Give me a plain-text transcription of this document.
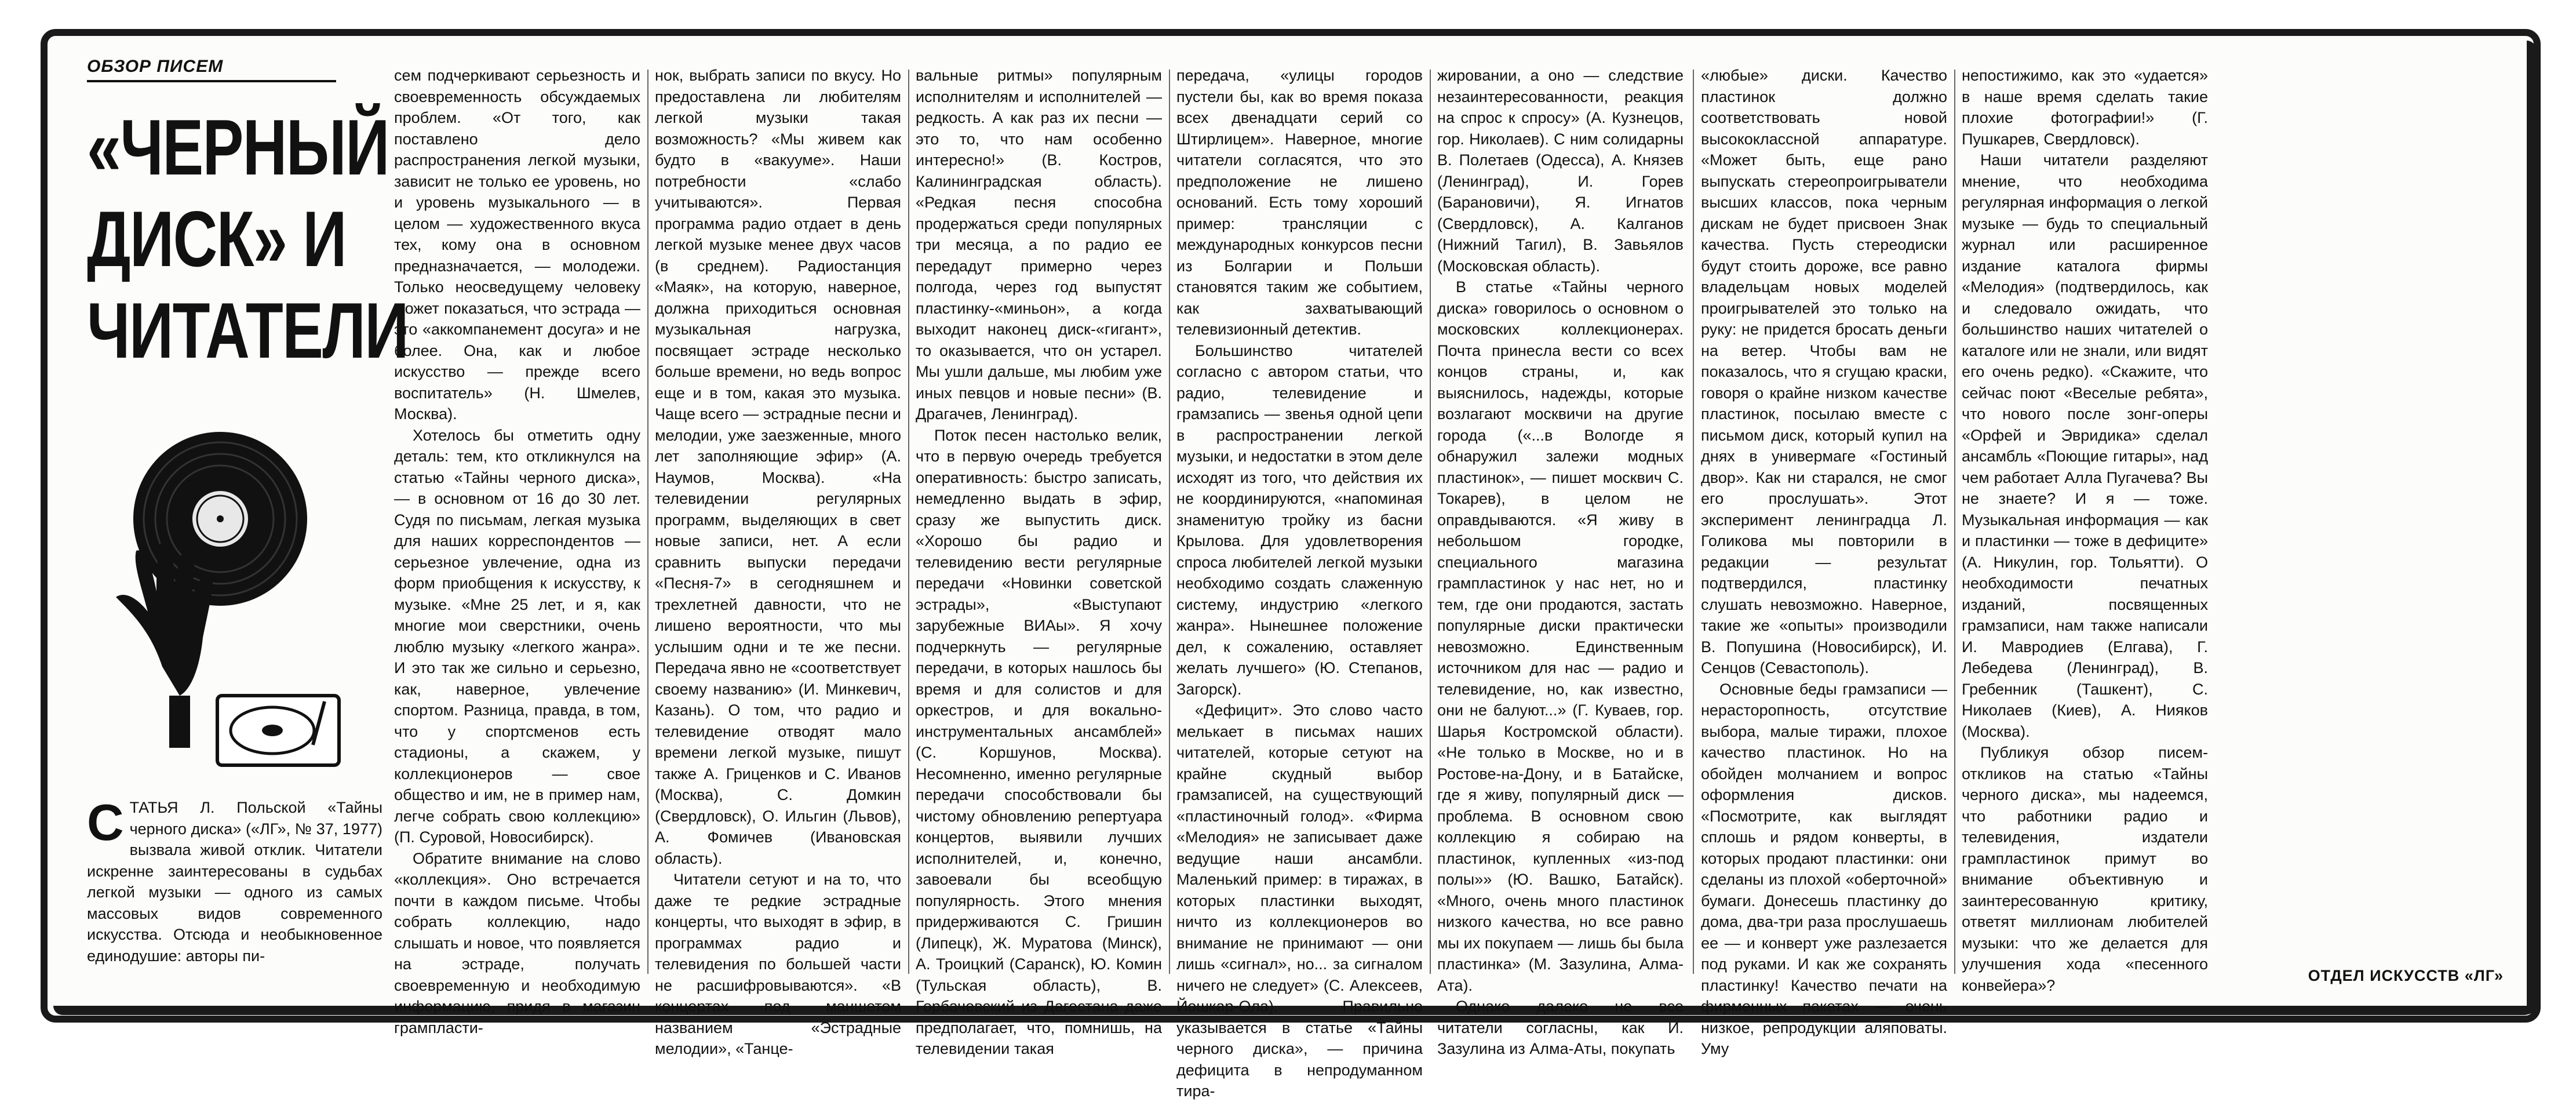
ОБЗОР ПИСЕМ
«ЧЕРНЫЙ
ДИСК» И
ЧИТАТЕЛИ
С ТАТЬЯ Л. Польской «Тайны черного диска» («ЛГ», № 37, 1977) вызвала живой отклик. Читатели искренне заинтересованы в судьбах легкой музыки — одного из самых массовых видов современного искусства. Отсюда и необыкновенное единодушие: авторы пи-

сем подчеркивают серьезность и своевременность обсуждаемых проблем. «От того, как поставлено дело распространения легкой музыки, зависит не только ее уровень, но и уровень музыкального — в целом — художественного вкуса тех, кому она в основном предназначается, — молодежи. Только неосведущему человеку может показаться, что эстрада — это «аккомпанемент досуга» и не более. Она, как и любое искусство — прежде всего воспитатель» (Н. Шмелев, Москва).

Хотелось бы отметить одну деталь: тем, кто откликнулся на статью «Тайны черного диска», — в основном от 16 до 30 лет. Судя по письмам, легкая музыка для наших корреспондентов — серьезное увлечение, одна из форм приобщения к искусству, к музыке. «Мне 25 лет, и я, как многие мои сверстники, очень люблю музыку «легкого жанра». И это так же сильно и серьезно, как, наверное, увлечение спортом. Разница, правда, в том, что у спортсменов есть стадионы, а скажем, у коллекционеров — свое общество и им, не в пример нам, легче собрать свою коллекцию» (П. Суровой, Новосибирск).

Обратите внимание на слово «коллекция». Оно встречается почти в каждом письме. Чтобы собрать коллекцию, надо слышать и новое, что появляется на эстраде, получать своевременную и необходимую информацию, придя в магазин грампласти-

нок, выбрать записи по вкусу. Но предоставлена ли любителям легкой музыки такая возможность? «Мы живем как будто в «вакууме». Наши потребности «слабо учитываются». Первая программа радио отдает в день легкой музыке менее двух часов (в среднем). Радиостанция «Маяк», на которую, наверное, должна приходиться основная музыкальная нагрузка, посвящает эстраде несколько больше времени, но ведь вопрос еще и в том, какая это музыка. Чаще всего — эстрадные песни и мелодии, уже заезженные, много лет заполняющие эфир» (А. Наумов, Москва). «На телевидении регулярных программ, выделяющих в свет новые записи, нет. А если сравнить выпуски передачи «Песня-7» в сегодняшнем и трехлетней давности, что не лишено вероятности, что мы услышим одни и те же песни. Передача явно не «соответствует своему названию» (И. Минкевич, Казань). О том, что радио и телевидение отводят мало времени легкой музыке, пишут также А. Гриценков и С. Иванов (Москва), С. Домкин (Свердловск), О. Ильгин (Львов), А. Фомичев (Ивановская область).

Читатели сетуют и на то, что даже те редкие эстрадные концерты, что выходят в эфир, в программах радио и телевидения по большей части не расшифровываются». «В концертах под маншетом названием «Эстрадные мелодии», «Танце-

вальные ритмы» популярным исполнителям и исполнителей — редкость. А как раз их песни — это то, что нам особенно интересно!» (В. Костров, Калининградская область). «Редкая песня способна продержаться среди популярных три месяца, а по радио ее передадут примерно через полгода, через год выпустят пластинку-«миньон», а когда выходит наконец диск-«гигант», то оказывается, что он устарел. Мы ушли дальше, мы любим уже иных певцов и новые песни» (В. Драгачев, Ленинград).

Поток песен настолько велик, что в первую очередь требуется оперативность: быстро записать, немедленно выдать в эфир, сразу же выпустить диск. «Хорошо бы радио и телевидению вести регулярные передачи «Новинки советской эстрады», «Выступают зарубежные ВИАы». Я хочу подчеркнуть — регулярные передачи, в которых нашлось бы время и для солистов и для оркестров, и для вокально-инструментальных ансамблей» (С. Коршунов, Москва). Несомненно, именно регулярные передачи способствовали бы чистому обновлению репертуара концертов, выявили лучших исполнителей, и, конечно, завоевали бы всеобщую популярность. Этого мнения придерживаются С. Гришин (Липецк), Ж. Муратова (Минск), А. Троицкий (Саранск), Ю. Комин (Тульская область), В. Горбачевский из Дагестана даже предполагает, что, помнишь, на телевидении такая

передача, «улицы городов пустели бы, как во время показа всех двенадцати серий со Штирлицем». Наверное, многие читатели согласятся, что это предположение не лишено оснований. Есть тому хороший пример: трансляции с международных конкурсов песни из Болгарии и Польши становятся таким же событием, как захватывающий телевизионный детектив.

Большинство читателей согласно с автором статьи, что радио, телевидение и грамзапись — звенья одной цепи в распространении легкой музыки, и недостатки в этом деле исходят из того, что действия их не координируются, «напоминая знаменитую тройку из басни Крылова. Для удовлетворения спроса любителей легкой музыки необходимо создать слаженную систему, индустрию «легкого жанра». Нынешнее положение дел, к сожалению, оставляет желать лучшего» (Ю. Степанов, Загорск).

«Дефицит». Это слово часто мелькает в письмах наших читателей, которые сетуют на крайне скудный выбор грамзаписей, на существующий «пластиночный голод». «Фирма «Мелодия» не записывает даже ведущие наши ансамбли. Маленький пример: в тиражах, в которых пластинки выходят, ничто из коллекционеров во внимание не принимают — они лишь «сигнал», но... за сигналом ничего не следует» (С. Алексеев, Йошкар-Ола). Правильно указывается в статье «Тайны черного диска», — причина дефицита в непродуманном тира-

жировании, а оно — следствие незаинтересованности, реакция на спрос к спросу» (А. Кузнецов, гор. Николаев). С ним солидарны В. Полетаев (Одесса), А. Князев (Ленинград), И. Горев (Барановичи), Я. Игнатов (Свердловск), А. Калганов (Нижний Тагил), В. Завьялов (Московская область).

В статье «Тайны черного диска» говорилось о основном о московских коллекционерах. Почта принесла вести со всех концов страны, и, как выяснилось, надежды, которые возлагают москвичи на другие города («...в Вологде я обнаружил залежи модных пластинок», — пишет москвич С. Токарев), в целом не оправдываются. «Я живу в небольшом городке, специального магазина грампластинок у нас нет, но и тем, где они продаются, застать популярные диски практически невозможно. Единственным источником для нас — радио и телевидение, но, как известно, они не балуют...» (Г. Куваев, гор. Шарья Костромской области). «Не только в Москве, но и в Ростове-на-Дону, и в Батайске, где я живу, популярный диск — проблема. В основном свою коллекцию я собираю на пластинок, купленных «из-под полы»» (Ю. Вашко, Батайск). «Много, очень много пластинок низкого качества, но все равно мы их покупаем — лишь бы была пластинка» (М. Зазулина, Алма-Ата).

Однако далеко не все читатели согласны, как И. Зазулина из Алма-Аты, покупать

«любые» диски. Качество пластинок должно соответствовать новой высококлассной аппаратуре. «Может быть, еще рано выпускать стереопроигрыватели высших классов, пока черным дискам не будет присвоен Знак качества. Пусть стереодиски будут стоить дороже, все равно владельцам новых моделей проигрывателей это только на руку: не придется бросать деньги на ветер. Чтобы вам не показалось, что я сгущаю краски, говоря о крайне низком качестве пластинок, посылаю вместе с письмом диск, который купил на днях в универмаге «Гостиный двор». Как ни старался, не смог его прослушать». Этот эксперимент ленинградца Л. Голикова мы повторили в редакции — результат подтвердился, пластинку слушать невозможно. Наверное, такие же «опыты» производили В. Попушина (Новосибирск), И. Сенцов (Севастополь).

Основные беды грамзаписи — нерасторопность, отсутствие выбора, малые тиражи, плохое качество пластинок. Но на обойден молчанием и вопрос оформления дисков. «Посмотрите, как выглядят сплошь и рядом конверты, в которых продают пластинки: они сделаны из плохой «оберточной» бумаги. Донесешь пластинку до дома, два-три раза прослушаешь ее — и конверт уже разлезается под руками. И как же сохранять пластинку! Качество печати на фирменных пакетах — очень низкое, репродукции аляповаты. Уму

непостижимо, как это «удается» в наше время сделать такие плохие фотографии!» (Г. Пушкарев, Свердловск).

Наши читатели разделяют мнение, что необходима регулярная информация о легкой музыке — будь то специальный журнал или расширенное издание каталога фирмы «Мелодия» (подтвердилось, как и следовало ожидать, что большинство наших читателей о каталоге или не знали, или видят его очень редко). «Скажите, что сейчас поют «Веселые ребята», что нового после зонг-оперы «Орфей и Эвридика» сделал ансамбль «Поющие гитары», над чем работает Алла Пугачева? Вы не знаете? И я — тоже. Музыкальная информация — как и пластинки — тоже в дефиците» (А. Никулин, гор. Тольятти). О необходимости печатных изданий, посвященных грамзаписи, нам также написали И. Мавродиев (Елгава), Г. Лебедева (Ленинград), В. Гребенник (Ташкент), С. Николаев (Киев), А. Нияков (Москва).

Публикуя обзор писем-откликов на статью «Тайны черного диска», мы надеемся, что работники радио и телевидения, издатели грампластинок примут во внимание объективную и заинтересованную критику, ответят миллионам любителей музыки: что же делается для улучшения хода «песенного конвейера»?

ОТДЕЛ ИСКУССТВ «ЛГ»
